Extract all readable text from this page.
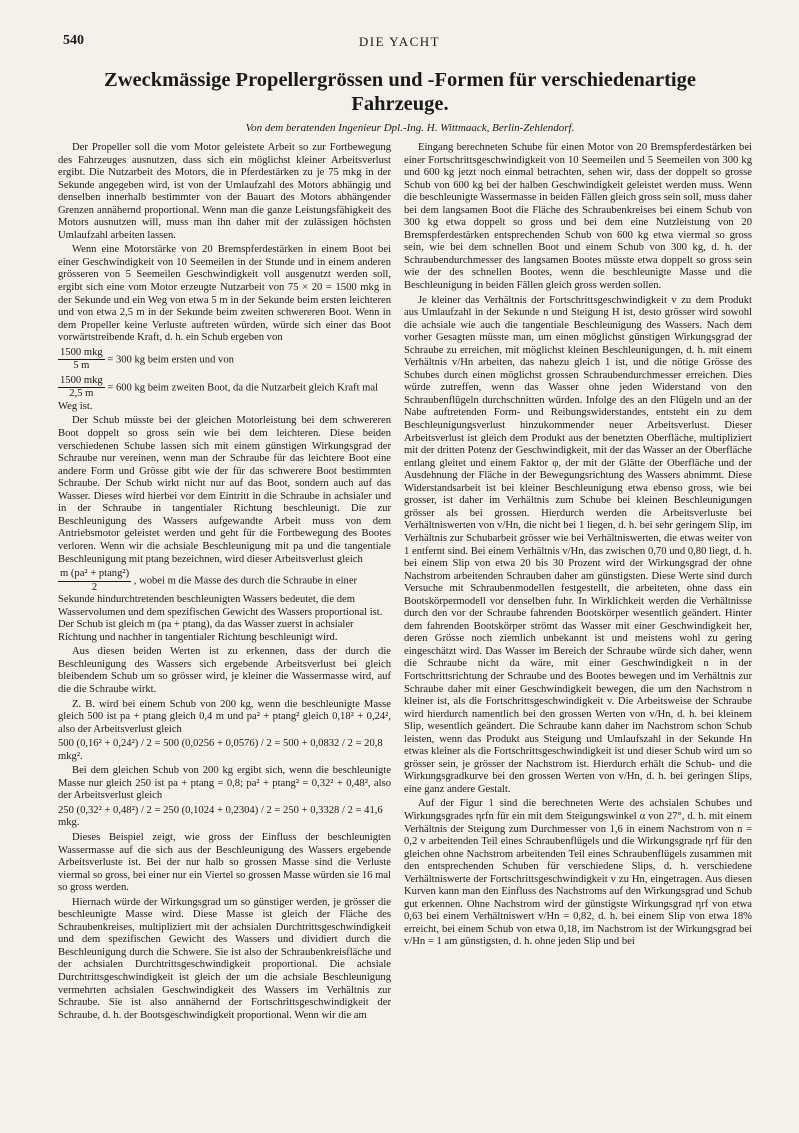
540	DIE YACHT
Zweckmässige Propellergrössen und -Formen für verschiedenartige Fahrzeuge.
Von dem beratenden Ingenieur Dpl.-Ing. H. Wittmaack, Berlin-Zehlendorf.

Der Propeller soll die vom Motor geleistete Arbeit so zur Fortbewegung des Fahrzeuges ausnutzen, dass sich ein möglichst kleiner Arbeitsverlust ergibt. Die Nutzarbeit des Motors, die in Pferdestärken zu je 75 mkg in der Sekunde angegeben wird, ist von der Umlaufzahl des Motors abhängig und denselben innerhalb bestimmter von der Bauart des Motors abhängender Grenzen annähernd proportional. Wenn man die ganze Leistungsfähigkeit des Motors ausnutzen will, muss man ihn daher mit der zulässigen höchsten Umlaufzahl arbeiten lassen.

Wenn eine Motorstärke von 20 Bremspferdestärken in einem Boot bei einer Geschwindigkeit von 10 Seemeilen in der Stunde und in einem anderen grösseren von 5 Seemeilen Geschwindigkeit voll ausgenutzt werden soll, ergibt sich eine vom Motor erzeugte Nutzarbeit von 75 × 20 = 1500 mkg in der Sekunde und ein Weg von etwa 5 m in der Sekunde beim ersten leichteren und von etwa 2,5 m in der Sekunde beim zweiten schwereren Boot. Wenn in dem Propeller keine Verluste auftreten würden, würde sich einer das Boot vorwärtstreibende Kraft, d. h. ein Schub ergeben von

$\frac{\text{1500 mkg}}{5 m} = 300$ kg beim ersten und von

$\frac{\text{1500 mkg}}{2,5 m} = 600$ kg beim zweiten Boot, da die Nutzarbeit gleich Kraft mal Weg ist.

Der Schub müsste bei der gleichen Motorleistung bei dem schwereren Boot doppelt so gross sein wie bei dem leichteren. Diese beiden verschiedenen Schube lassen sich mit einem günstigen Wirkungsgrad der Schraube nur vereinen, wenn man der Schraube für das leichtere Boot eine andere Form und Grösse gibt wie der für das schwerere Boot bestimmten Schraube. Der Schub wirkt nicht nur auf das Boot, sondern auch auf das Wasser. Dieses wird hierbei vor dem Eintritt in die Schraube in achsialer und in der Schraube in tangentialer Richtung beschleunigt. Die zur Beschleunigung des Wassers aufgewandte Arbeit muss von dem Antriebsmotor geleistet werden und geht für die Fortbewegung des Bootes verloren. Wenn wir die achsiale Beschleunigung mit pa und die tangentiale Beschleunigung mit ptang bezeichnen, wird dieser Arbeitsverlust gleich

$\frac{\text{m (pa² + ptang²)}}{2}$ , wobei m die Masse des durch die Schraube in einer Sekunde hindurchtretenden beschleunigten Wassers bedeutet, die dem Wasservolumen und dem spezifischen Gewicht des Wassers proportional ist. Der Schub ist gleich m (pa + ptang), da das Wasser zuerst in achsialer Richtung und nachher in tangentialer Richtung beschleunigt wird.

Aus diesen beiden Werten ist zu erkennen, dass der durch die Beschleunigung des Wassers sich ergebende Arbeitsverlust bei gleich bleibendem Schub um so grösser wird, je kleiner die Wassermasse wird, auf die die Schraube wirkt.

Z. B. wird bei einem Schub von 200 kg, wenn die beschleunigte Masse gleich 500 ist pa + ptang gleich 0,4 m und pa² + ptang² gleich 0,18² + 0,24², also der Arbeitsverlust gleich

500 (0,16² + 0,24²) / 2 = 500 (0,0256 + 0,0576) / 2 = 500 + 0,0832 / 2 = 20,8 mkg².

Bei dem gleichen Schub von 200 kg ergibt sich, wenn die beschleunigte Masse nur gleich 250 ist pa + ptang = 0,8; pa² + ptang² = 0,32² + 0,48², also der Arbeitsverlust gleich

250 (0,32² + 0,48²) / 2 = 250 (0,1024 + 0,2304) / 2 = 250 + 0,3328 / 2 = 41,6 mkg.

Dieses Beispiel zeigt, wie gross der Einfluss der beschleunigten Wassermasse auf die sich aus der Beschleunigung des Wassers ergebende Arbeitsverluste ist. Bei der nur halb so grossen Masse sind die Verluste viermal so gross, bei einer nur ein Viertel so grossen Masse würden sie 16 mal so gross werden.

Hiernach würde der Wirkungsgrad um so günstiger werden, je grösser die beschleunigte Masse wird. Diese Masse ist gleich der Fläche des Schraubenkreises, multipliziert mit der achsialen Durchtrittsgeschwindigkeit und dem spezifischen Gewicht des Wassers und dividiert durch die Beschleunigung durch die Schwere. Sie ist also der Schraubenkreisfläche und der achsialen Durchtrittsgeschwindigkeit proportional. Die achsiale Durchtrittsgeschwindigkeit ist gleich der um die achsiale Beschleunigung vermehrten achsialen Geschwindigkeit des Wassers im Verhältnis zur Schraube. Sie ist also annähernd der Fortschrittsgeschwindigkeit der Schraube, d. h. der Bootsgeschwindigkeit proportional. Wenn wir die am

Eingang berechneten Schube für einen Motor von 20 Bremspferdestärken bei einer Fortschrittsgeschwindigkeit von 10 Seemeilen und 5 Seemeilen von 300 kg und 600 kg jetzt noch einmal betrachten, sehen wir, dass der doppelt so grosse Schub von 600 kg bei der halben Geschwindigkeit geleistet werden muss. Wenn die beschleunigte Wassermasse in beiden Fällen gleich gross sein soll, muss daher bei dem langsamen Boot die Fläche des Schraubenkreises bei einem Schub von 300 kg etwa doppelt so gross und bei dem eine Nutzleistung von 20 Bremspferdestärken entsprechenden Schub von 600 kg etwa viermal so gross sein, wie bei dem schnellen Boot und einem Schub von 300 kg, d. h. der Schraubendurchmesser des langsamen Bootes müsste etwa doppelt so gross sein wie der des schnellen Bootes, wenn die beschleunigte Masse und die Beschleunigung in beiden Fällen gleich gross werden sollen.

Je kleiner das Verhältnis der Fortschrittsgeschwindigkeit v zu dem Produkt aus Umlaufzahl in der Sekunde n und Steigung H ist, desto grösser wird sowohl die achsiale wie auch die tangentiale Beschleunigung des Wassers. Nach dem vorher Gesagten müsste man, um einen möglichst günstigen Wirkungsgrad der Schraube zu erreichen, mit möglichst kleinen Beschleunigungen, d. h. mit einem Verhältnis v/Hn arbeiten, das nahezu gleich 1 ist, und die nötige Grösse des Schubes durch einen möglichst grossen Schraubendurchmesser erreichen. Dies würde zutreffen, wenn das Wasser ohne jeden Widerstand von den Schraubenflügeln durchschnitten würden. Infolge des an den Flügeln und an der Nabe auftretenden Form- und Reibungswiderstandes, entsteht ein zu dem Beschleunigungsverlust hinzukommender neuer Arbeitsverlust. Dieser Arbeitsverlust ist gleich dem Produkt aus der benetzten Oberfläche, multipliziert mit der dritten Potenz der Geschwindigkeit, mit der das Wasser an der Oberfläche entlang gleitet und einem Faktor φ, der mit der Glätte der Oberfläche und der Ausdehnung der Fläche in der Bewegungsrichtung des Wassers abnimmt. Diese Widerstandsarbeit ist bei kleiner Beschleunigung etwa ebenso gross, wie bei grosser, ist daher im Verhältnis zum Schube bei kleinen Beschleunigungen grösser als bei grossen. Hierdurch werden die Arbeitsverluste bei Verhältniswerten von v/Hn, die nicht bei 1 liegen, d. h. bei sehr geringem Slip, im Verhältnis zur Schubarbeit grösser wie bei Verhältniswerten, die etwas weiter von 1 entfernt sind. Bei einem Verhältnis v/Hn, das zwischen 0,70 und 0,80 liegt, d. h. bei einem Slip von etwa 20 bis 30 Prozent wird der Wirkungsgrad der ohne Nachstrom arbeitenden Schrauben daher am günstigsten. Diese Werte sind durch Versuche mit Schraubenmodellen festgestellt, die arbeiteten, ohne dass ein Bootskörpermodell vor denselben fuhr. In Wirklichkeit werden die Verhältnisse durch den vor der Schraube fahrenden Bootskörper wesentlich geändert. Hinter dem fahrenden Bootskörper strömt das Wasser mit einer Geschwindigkeit her, deren Grösse noch ziemlich unbekannt ist und meistens wohl zu gering eingeschätzt wird. Das Wasser im Bereich der Schraube würde sich daher, wenn die Schraube nicht da wäre, mit einer Geschwindigkeit n in der Fortschrittsrichtung der Schraube und des Bootes bewegen und im Verhältnis zur Schraube daher mit einer Geschwindigkeit bewegen, die um den Nachstrom n kleiner ist, als die Fortschrittsgeschwindigkeit v. Die Arbeitsweise der Schraube wird hierdurch namentlich bei den grossen Werten von v/Hn, d. h. bei kleinem Slip, wesentlich geändert. Die Schraube kann daher im Nachstrom schon Schub leisten, wenn das Produkt aus Steigung und Umlaufszahl in der Sekunde Hn etwas kleiner als die Fortschrittsgeschwindigkeit ist und dieser Schub wird um so grösser sein, je grösser der Nachstrom ist. Hierdurch erhält die Schub- und die Wirkungsgradkurve bei den grossen Werten von v/Hn, d. h. bei geringen Slips, eine ganz andere Gestalt.

Auf der Figur 1 sind die berechneten Werte des achsialen Schubes und Wirkungsgrades ηrfn für ein mit dem Steigungswinkel α von 27°, d. h. mit einem Verhältnis der Steigung zum Durchmesser von 1,6 in einem Nachstrom von n = 0,2 v arbeitenden Teil eines Schraubenflügels und die Wirkungsgrade ηrf für den gleichen ohne Nachstrom arbeitenden Teil eines Schraubenflügels zusammen mit den entsprechenden Schuben für verschiedene Slips, d. h. verschiedene Verhältniswerte der Fortschrittsgeschwindigkeit v zu Hn, eingetragen. Aus diesen Kurven kann man den Einfluss des Nachstroms auf den Wirkungsgrad und Schub gut erkennen. Ohne Nachstrom wird der günstigste Wirkungsgrad ηrf von etwa 0,63 bei einem Verhältniswert v/Hn = 0,82, d. h. bei einem Slip von etwa 18% erreicht, bei einem Schub von etwa 0,18, im Nachstrom ist der Wirkungsgrad bei v/Hn = 1 am günstigsten, d. h. ohne jeden Slip und bei
